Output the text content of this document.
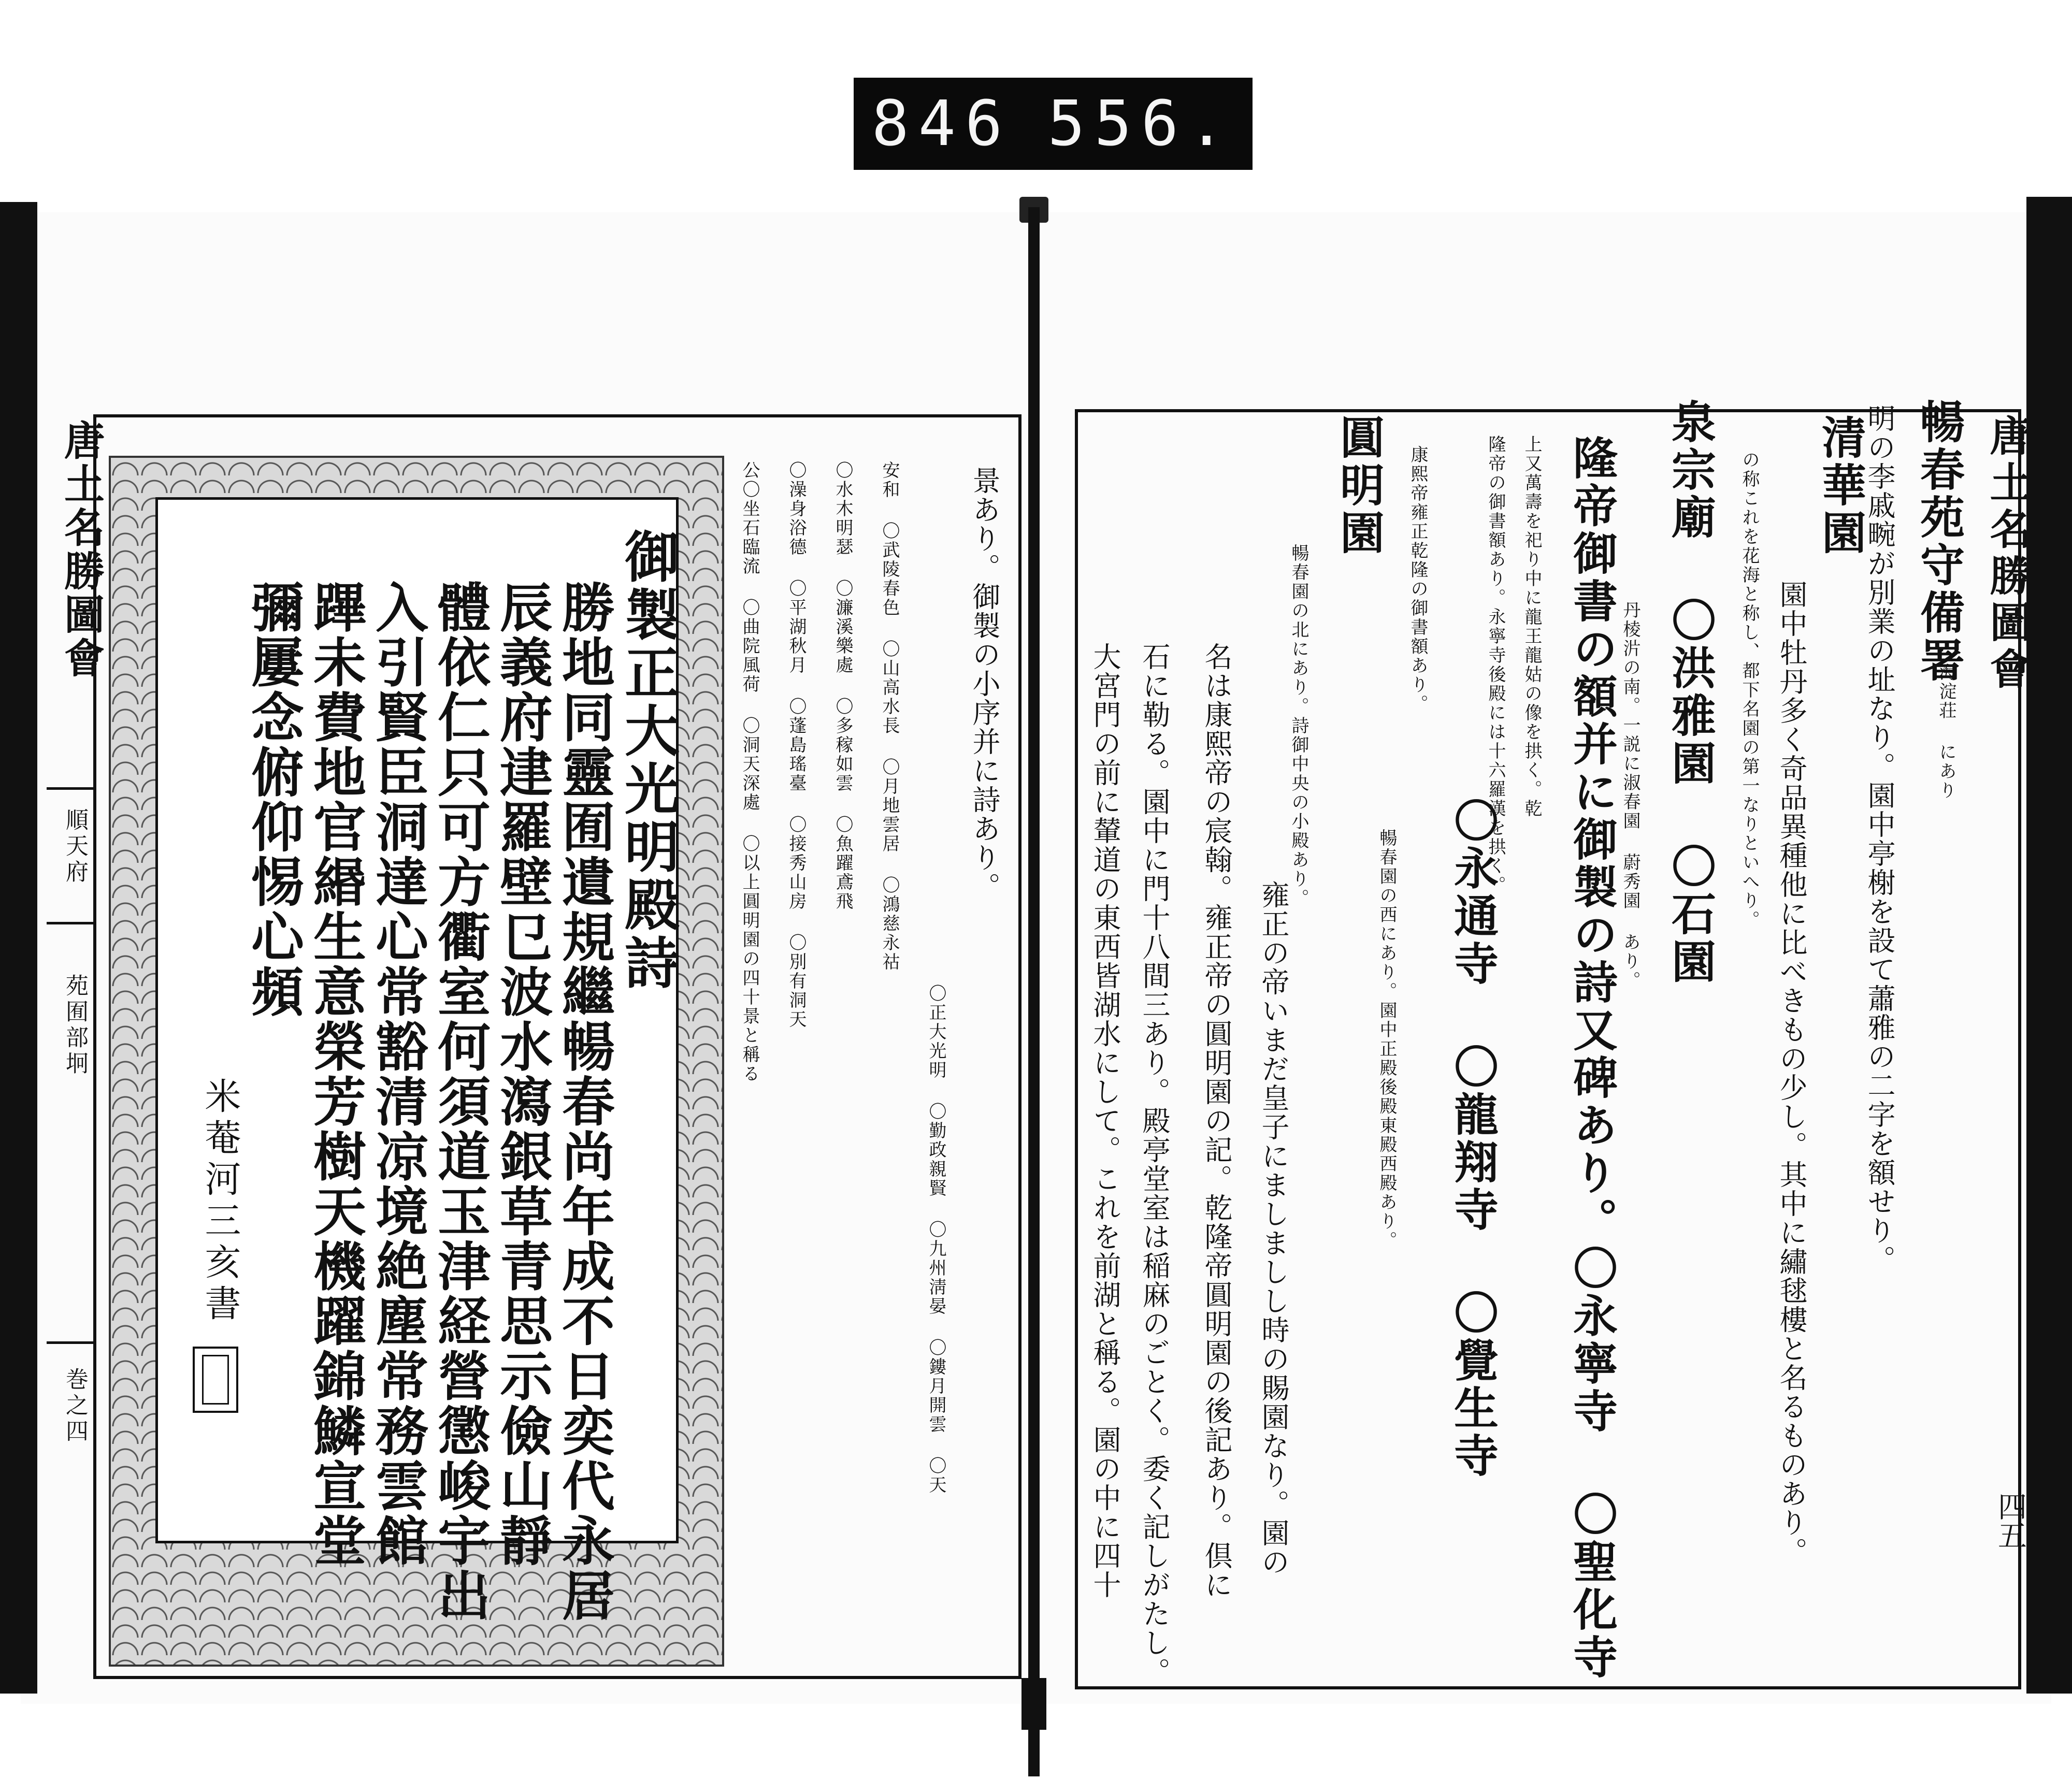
846 556.
唐土名勝圖會
順天府
苑囿部坰
巻之四
御製正大光明殿詩
勝地同靈囿遺規繼暢春尚年成不日奕代永居
辰義府䢖羅壁㔾波水瀉銀草青思示儉山靜
體依仁只可方衢室何須道玉津経營懲峻宇出
入引賢臣洞達心常豁清凉境絶塵常務雲館
蹕未費地官緡生意榮芳樹天機躍錦鱗宣堂
彌屢念俯仰惕心頻
米菴河三亥書
景あり。御製の小序并に詩あり。
〇正大光明 〇勤政親賢 〇九州淸晏 〇鏤月開雲 〇天
安和 〇武陵春色 〇山高水長 〇月地雲居 〇鴻慈永祜
〇水木明瑟 〇濂溪樂處 〇多稼如雲 〇魚躍鳶飛
〇澡身浴德 〇平湖秋月 〇蓬島瑤臺 〇接秀山房 〇別有洞天
公〇坐石臨流 〇曲院風荷 〇洞天深處 〇以上圓明園の四十景と稱る	唐土名勝圖會
四五
暢春苑守備署
海淀荘 にあり
明の李戚畹が別業の址なり。園中亭榭を設て蕭雅の二字を額せり。
清華園
園中牡丹多く奇品異種他に比べきもの少し。其中に繡毬樓と名るものあり。
の称これを花海と称し、都下名園の第一なりといへり。
泉宗廟 〇洪雅園 〇石園
丹棱沜の南。一説に淑春園 蔚秀園 あり。
隆帝御書の額并に御製の詩又碑あり。〇永寧寺 〇聖化寺
上又萬壽を祀り中に龍王龍姑の像を拱く。乾
隆帝の御書額あり。永寧寺後殿には十六羅漢を拱く。
〇永通寺 〇龍翔寺 〇覺生寺
康熙帝雍正乾隆の御書額あり。
暢春園の西にあり。園中正殿後殿東殿西殿あり。
圓明園
暢春園の北にあり。詩御中央の小殿あり。
雍正の帝いまだ皇子にましましし時の賜園なり。園の
名は康熙帝の宸翰。雍正帝の圓明園の記。乾隆帝圓明園の後記あり。倶に
石に勒る。園中に門十八間三あり。殿亭堂室は稲麻のごとく。委く記しがたし。
大宮門の前に輦道の東西皆湖水にして。これを前湖と稱る。園の中に四十
